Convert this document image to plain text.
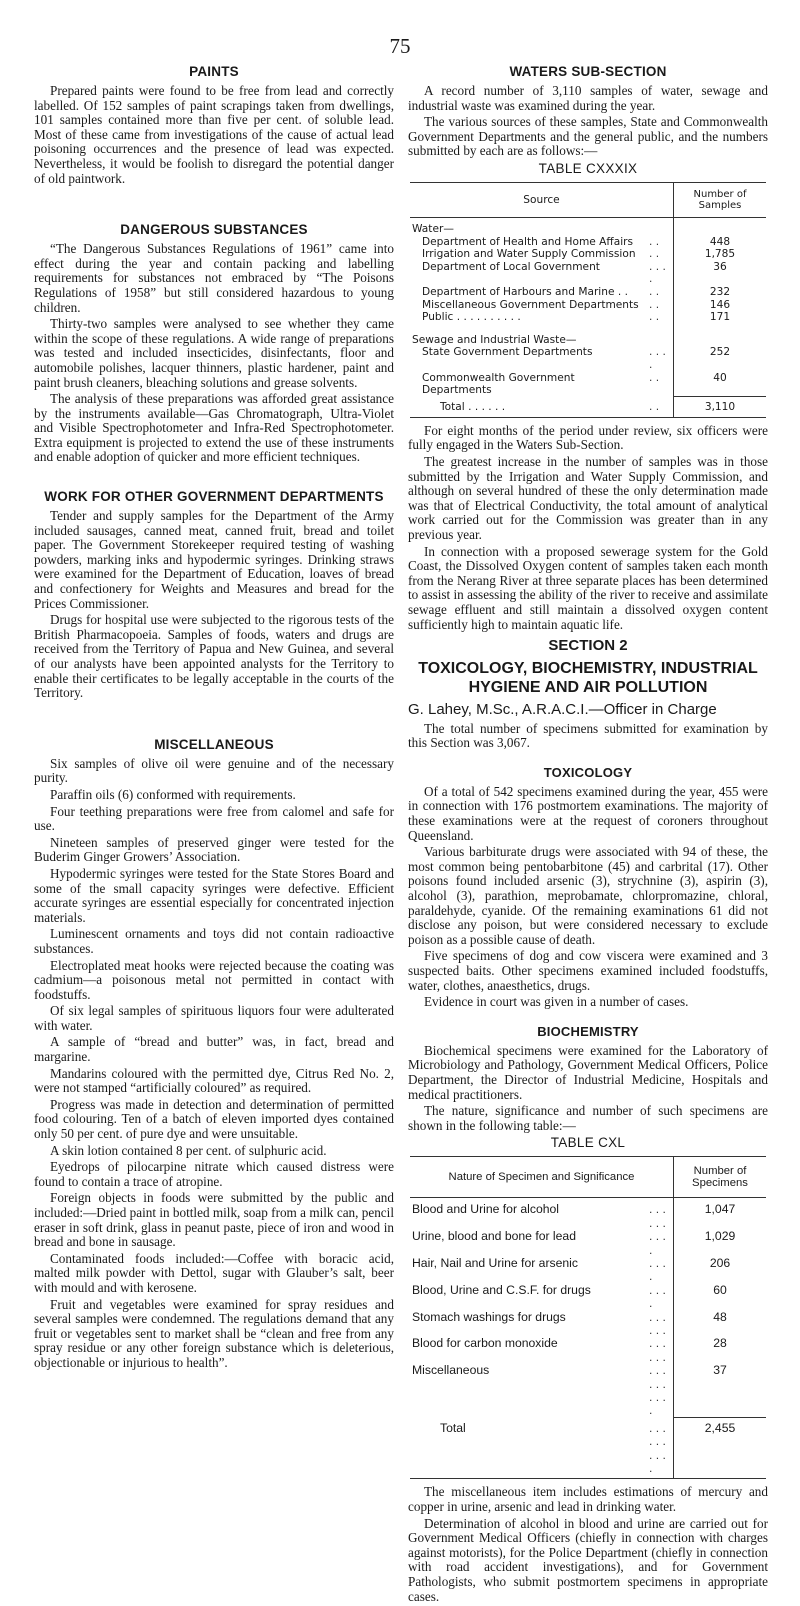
75
PAINTS

Prepared paints were found to be free from lead and correctly labelled. Of 152 samples of paint scrapings taken from dwellings, 101 samples contained more than five per cent. of soluble lead. Most of these came from investigations of the cause of actual lead poisoning occurrences and the presence of lead was expected. Nevertheless, it would be foolish to disregard the potential danger of old paintwork.

DANGEROUS SUBSTANCES

“The Dangerous Substances Regulations of 1961” came into effect during the year and contain packing and labelling requirements for substances not embraced by “The Poisons Regulations of 1958” but still considered hazardous to young children.

Thirty-two samples were analysed to see whether they came within the scope of these regulations. A wide range of preparations was tested and included insecticides, disinfectants, floor and automobile polishes, lacquer thinners, plastic hardener, paint and paint brush cleaners, bleaching solutions and grease solvents.

The analysis of these preparations was afforded great assistance by the instruments available—Gas Chromatograph, Ultra-Violet and Visible Spectrophotometer and Infra-Red Spectrophotometer. Extra equipment is projected to extend the use of these instruments and enable adoption of quicker and more efficient techniques.

WORK FOR OTHER GOVERNMENT DEPARTMENTS

Tender and supply samples for the Department of the Army included sausages, canned meat, canned fruit, bread and toilet paper. The Government Storekeeper required testing of washing powders, marking inks and hypodermic syringes. Drinking straws were examined for the Department of Education, loaves of bread and confectionery for Weights and Measures and bread for the Prices Commissioner.

Drugs for hospital use were subjected to the rigorous tests of the British Pharmacopoeia. Samples of foods, waters and drugs are received from the Territory of Papua and New Guinea, and several of our analysts have been appointed analysts for the Territory to enable their certificates to be legally acceptable in the courts of the Territory.

MISCELLANEOUS

Six samples of olive oil were genuine and of the necessary purity.

Paraffin oils (6) conformed with requirements.

Four teething preparations were free from calomel and safe for use.

Nineteen samples of preserved ginger were tested for the Buderim Ginger Growers’ Association.

Hypodermic syringes were tested for the State Stores Board and some of the small capacity syringes were defective. Efficient accurate syringes are essential especially for concentrated injection materials.

Luminescent ornaments and toys did not contain radioactive substances.

Electroplated meat hooks were rejected because the coating was cadmium—a poisonous metal not permitted in contact with foodstuffs.

Of six legal samples of spirituous liquors four were adulterated with water.

A sample of “bread and butter” was, in fact, bread and margarine.

Mandarins coloured with the permitted dye, Citrus Red No. 2, were not stamped “artificially coloured” as required.

Progress was made in detection and determination of permitted food colouring. Ten of a batch of eleven imported dyes contained only 50 per cent. of pure dye and were unsuitable.

A skin lotion contained 8 per cent. of sulphuric acid.

Eyedrops of pilocarpine nitrate which caused distress were found to contain a trace of atropine.

Foreign objects in foods were submitted by the public and included:—Dried paint in bottled milk, soap from a milk can, pencil eraser in soft drink, glass in peanut paste, piece of iron and wood in bread and bone in sausage.

Contaminated foods included:—Coffee with boracic acid, malted milk powder with Dettol, sugar with Glauber’s salt, beer with mould and with kerosene.

Fruit and vegetables were examined for spray residues and several samples were condemned. The regulations demand that any fruit or vegetables sent to market shall be “clean and free from any spray residue or any other foreign substance which is deleterious, objectionable or injurious to health”.

WATERS SUB-SECTION

A record number of 3,110 samples of water, sewage and industrial waste was examined during the year.

The various sources of these samples, State and Commonwealth Government Departments and the general public, and the numbers submitted by each are as follows:—

TABLE CXXXIX
Source		Number of Samples
Water—		
Department of Health and Home Affairs	. .	448
Irrigation and Water Supply Commission	. .	1,785
Department of Local Government	. . . .	36
Department of Harbours and Marine . .	. .	232
Miscellaneous Government Departments	. .	146
Public . . . . . . . . . .	. .	171

Sewage and Industrial Waste—		
State Government Departments	. . . .	252
Commonwealth Government Departments	. .	40
Total . . . . . .	. .	3,110

For eight months of the period under review, six officers were fully engaged in the Waters Sub-Section.

The greatest increase in the number of samples was in those submitted by the Irrigation and Water Supply Commission, and although on several hundred of these the only determination made was that of Electrical Conductivity, the total amount of analytical work carried out for the Commission was greater than in any previous year.

In connection with a proposed sewerage system for the Gold Coast, the Dissolved Oxygen content of samples taken each month from the Nerang River at three separate places has been determined to assist in assessing the ability of the river to receive and assimilate sewage effluent and still maintain a dissolved oxygen content sufficiently high to maintain aquatic life.

SECTION 2
TOXICOLOGY, BIOCHEMISTRY, INDUSTRIAL HYGIENE AND AIR POLLUTION

G. Lahey, M.Sc., A.R.A.C.I.—Officer in Charge

The total number of specimens submitted for examination by this Section was 3,067.

TOXICOLOGY

Of a total of 542 specimens examined during the year, 455 were in connection with 176 postmortem examinations. The majority of these examinations were at the request of coroners throughout Queensland.

Various barbiturate drugs were associated with 94 of these, the most common being pentobarbitone (45) and carbrital (17). Other poisons found included arsenic (3), strychnine (3), aspirin (3), alcohol (3), parathion, meprobamate, chlorpromazine, chloral, paraldehyde, cyanide. Of the remaining examinations 61 did not disclose any poison, but were considered necessary to exclude poison as a possible cause of death.

Five specimens of dog and cow viscera were examined and 3 suspected baits. Other specimens examined included foodstuffs, water, clothes, anaesthetics, drugs.

Evidence in court was given in a number of cases.

BIOCHEMISTRY

Biochemical specimens were examined for the Laboratory of Microbiology and Pathology, Government Medical Officers, Police Department, the Director of Industrial Medicine, Hospitals and medical practitioners.

The nature, significance and number of such specimens are shown in the following table:—

TABLE CXL
Nature of Specimen and Significance		Number of Specimens
Blood and Urine for alcohol	. . . . . .	1,047
Urine, blood and bone for lead	. . . .	1,029
Hair, Nail and Urine for arsenic	. . . .	206
Blood, Urine and C.S.F. for drugs	. . . .	60
Stomach washings for drugs	. . . . . .	48
Blood for carbon monoxide	. . . . . .	28
Miscellaneous	. . . . . . . . . .	37
Total	. . . . . . . . . .	2,455

The miscellaneous item includes estimations of mercury and copper in urine, arsenic and lead in drinking water.

Determination of alcohol in blood and urine are carried out for Government Medical Officers (chiefly in connection with charges against motorists), for the Police Department (chiefly in connection with road accident investigations), and for Government Pathologists, who submit postmortem specimens in appropriate cases.
